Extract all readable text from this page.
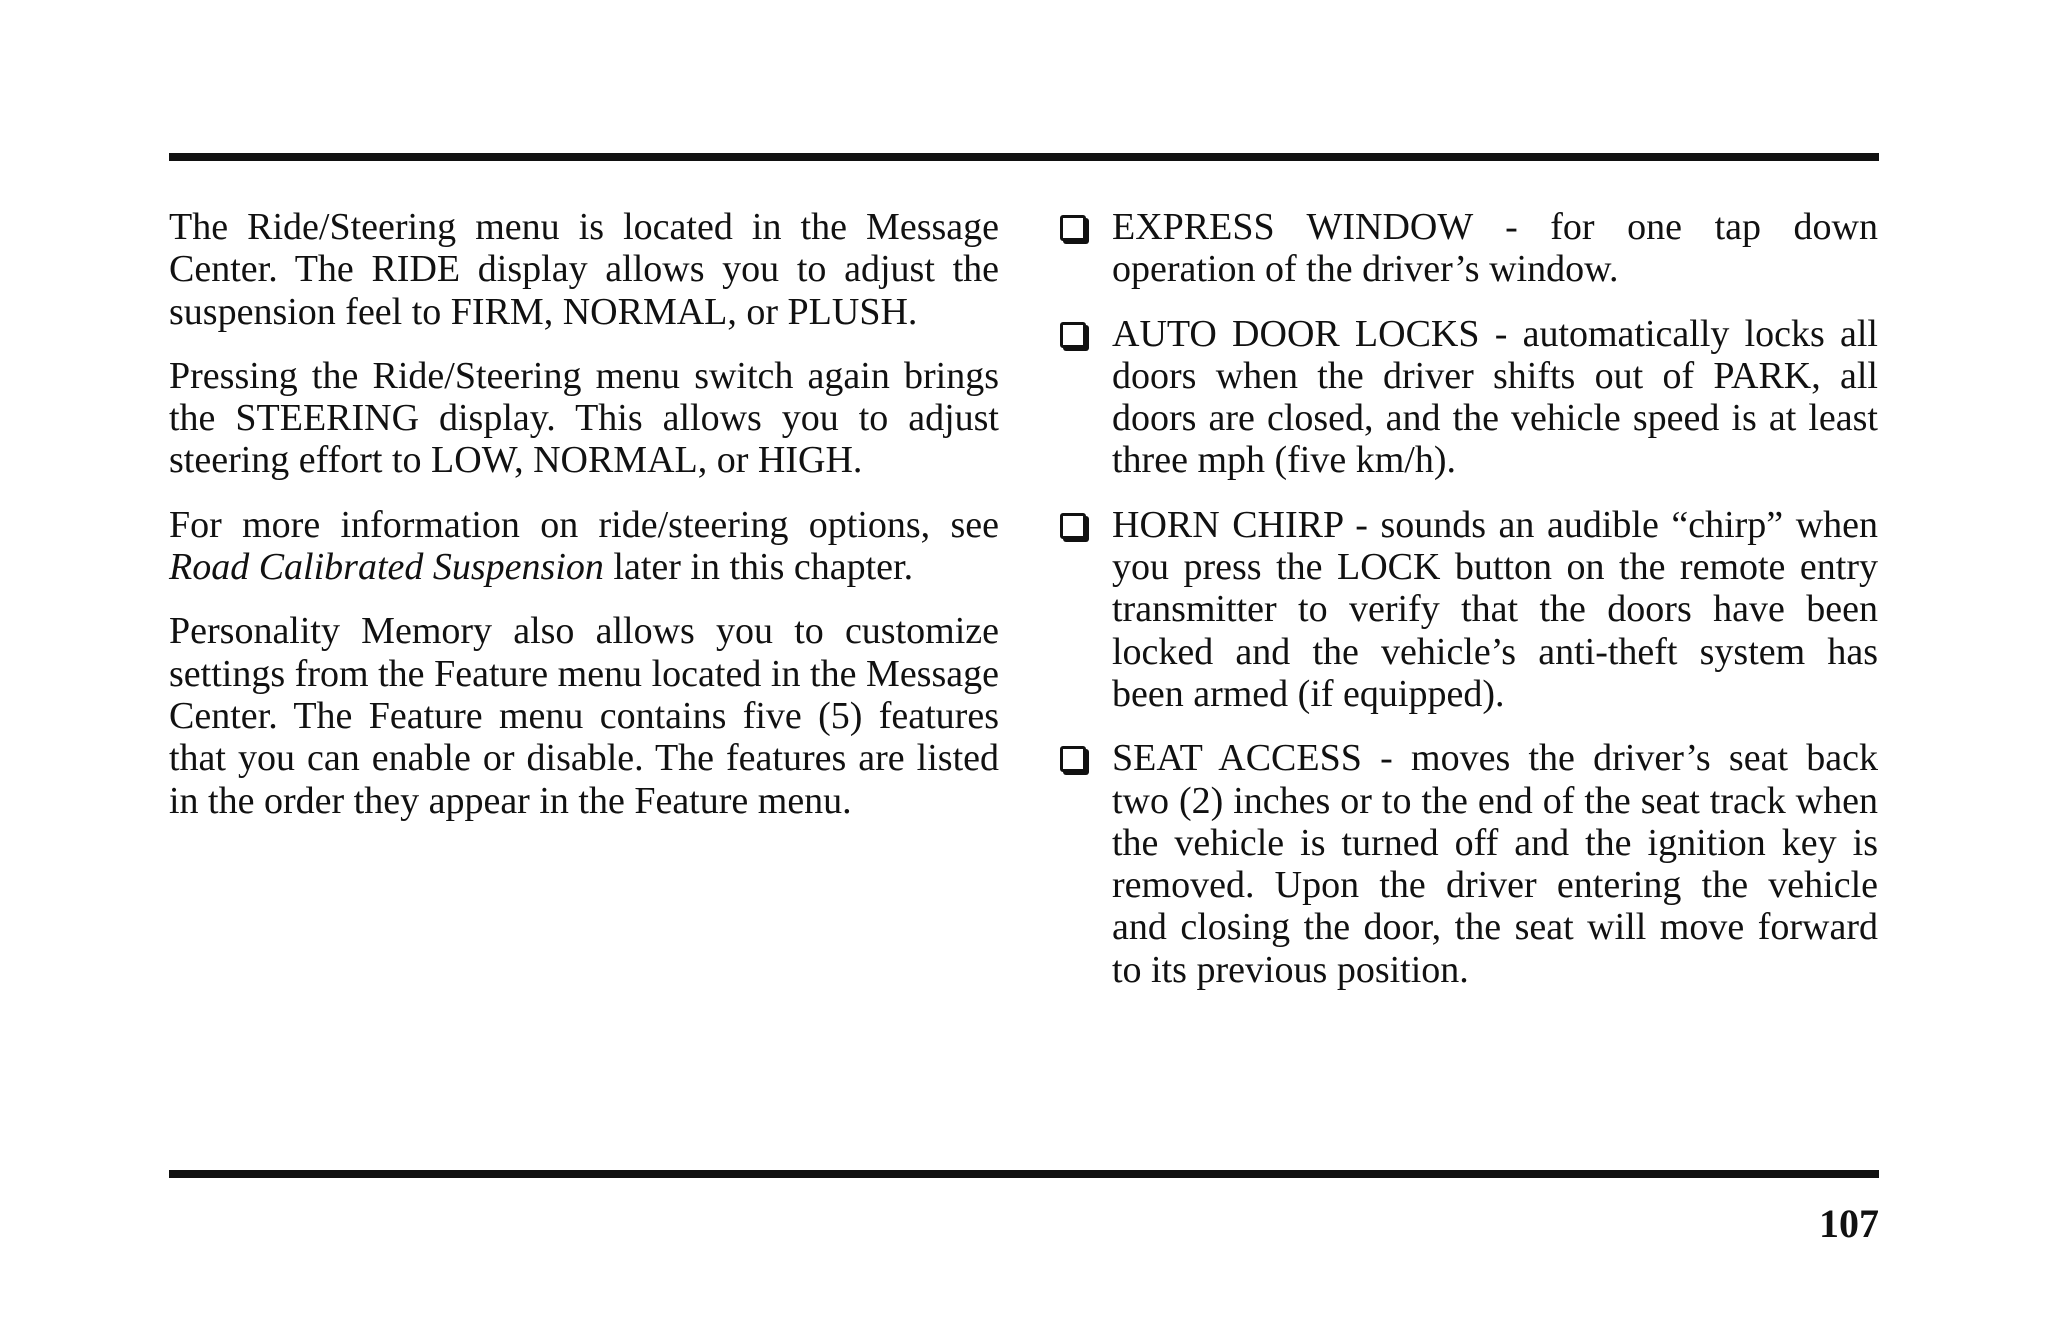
The Ride/Steering menu is located in the Message Center. The RIDE display allows you to adjust the suspension feel to FIRM, NORMAL, or PLUSH.

Pressing the Ride/Steering menu switch again brings the STEERING display. This allows you to adjust steering effort to LOW, NORMAL, or HIGH.

For more information on ride/steering options, see Road Calibrated Suspension later in this chapter.

Personality Memory also allows you to customize settings from the Feature menu located in the Message Center. The Feature menu contains five (5) features that you can enable or disable. The features are listed in the order they appear in the Feature menu.

EXPRESS WINDOW - for one tap down operation of the driver’s window.
AUTO DOOR LOCKS - automatically locks all doors when the driver shifts out of PARK, all doors are closed, and the vehicle speed is at least three mph (five km/h).
HORN CHIRP - sounds an audible “chirp” when you press the LOCK button on the remote entry transmitter to verify that the doors have been locked and the vehicle’s anti-theft system has been armed (if equipped).
SEAT ACCESS - moves the driver’s seat back two (2) inches or to the end of the seat track when the vehicle is turned off and the ignition key is removed. Upon the driver entering the vehicle and closing the door, the seat will move forward to its previous position.
107
